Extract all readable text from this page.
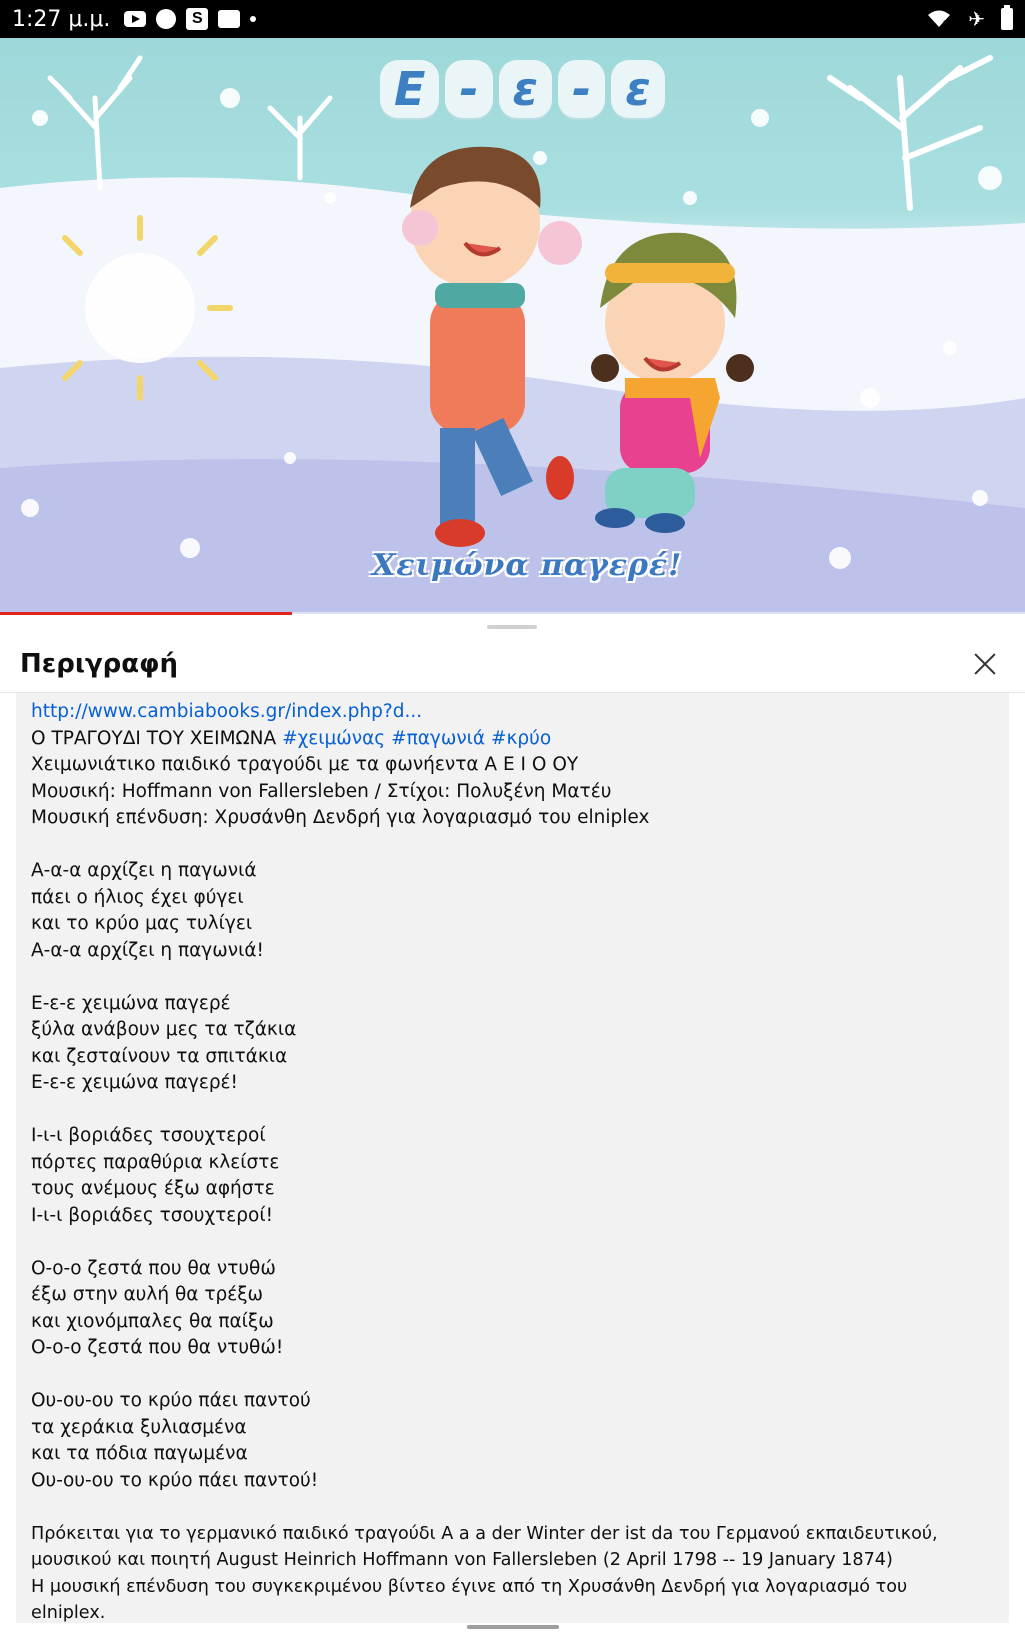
1:27 μ.μ.	S	✈
Ε - ε - ε
Χειμώνα παγερέ!
Περιγραφή
http://www.cambiabooks.gr/index.php?d...
Ο ΤΡΑΓΟΥΔΙ ΤΟΥ ΧΕΙΜΩΝΑ #χειμώνας #παγωνιά #κρύο
Χειμωνιάτικο παιδικό τραγούδι με τα φωνήεντα Α Ε Ι Ο ΟΥ
Μουσική: Hoffmann von Fallersleben / Στίχοι: Πολυξένη Ματέυ
Μουσική επένδυση: Χρυσάνθη Δενδρή για λογαριασμό του elniplex
Α-α-α αρχίζει η παγωνιά
πάει ο ήλιος έχει φύγει
και το κρύο μας τυλίγει
Α-α-α αρχίζει η παγωνιά!
Ε-ε-ε χειμώνα παγερέ
ξύλα ανάβουν μες τα τζάκια
και ζεσταίνουν τα σπιτάκια
Ε-ε-ε χειμώνα παγερέ!
Ι-ι-ι βοριάδες τσουχτεροί
πόρτες παραθύρια κλείστε
τους ανέμους έξω αφήστε
Ι-ι-ι βοριάδες τσουχτεροί!
Ο-ο-ο ζεστά που θα ντυθώ
έξω στην αυλή θα τρέξω
και χιονόμπαλες θα παίξω
Ο-ο-ο ζεστά που θα ντυθώ!
Ου-ου-ου το κρύο πάει παντού
τα χεράκια ξυλιασμένα
και τα πόδια παγωμένα
Ου-ου-ου το κρύο πάει παντού!
Πρόκειται για το γερμανικό παιδικό τραγούδι A a a der Winter der ist da του Γερμανού εκπαιδευτικού,
μουσικού και ποιητή August Heinrich Hoffmann von Fallersleben (2 April 1798 -- 19 January 1874)
Η μουσική επένδυση του συγκεκριμένου βίντεο έγινε από τη Χρυσάνθη Δενδρή για λογαριασμό του
elniplex.
